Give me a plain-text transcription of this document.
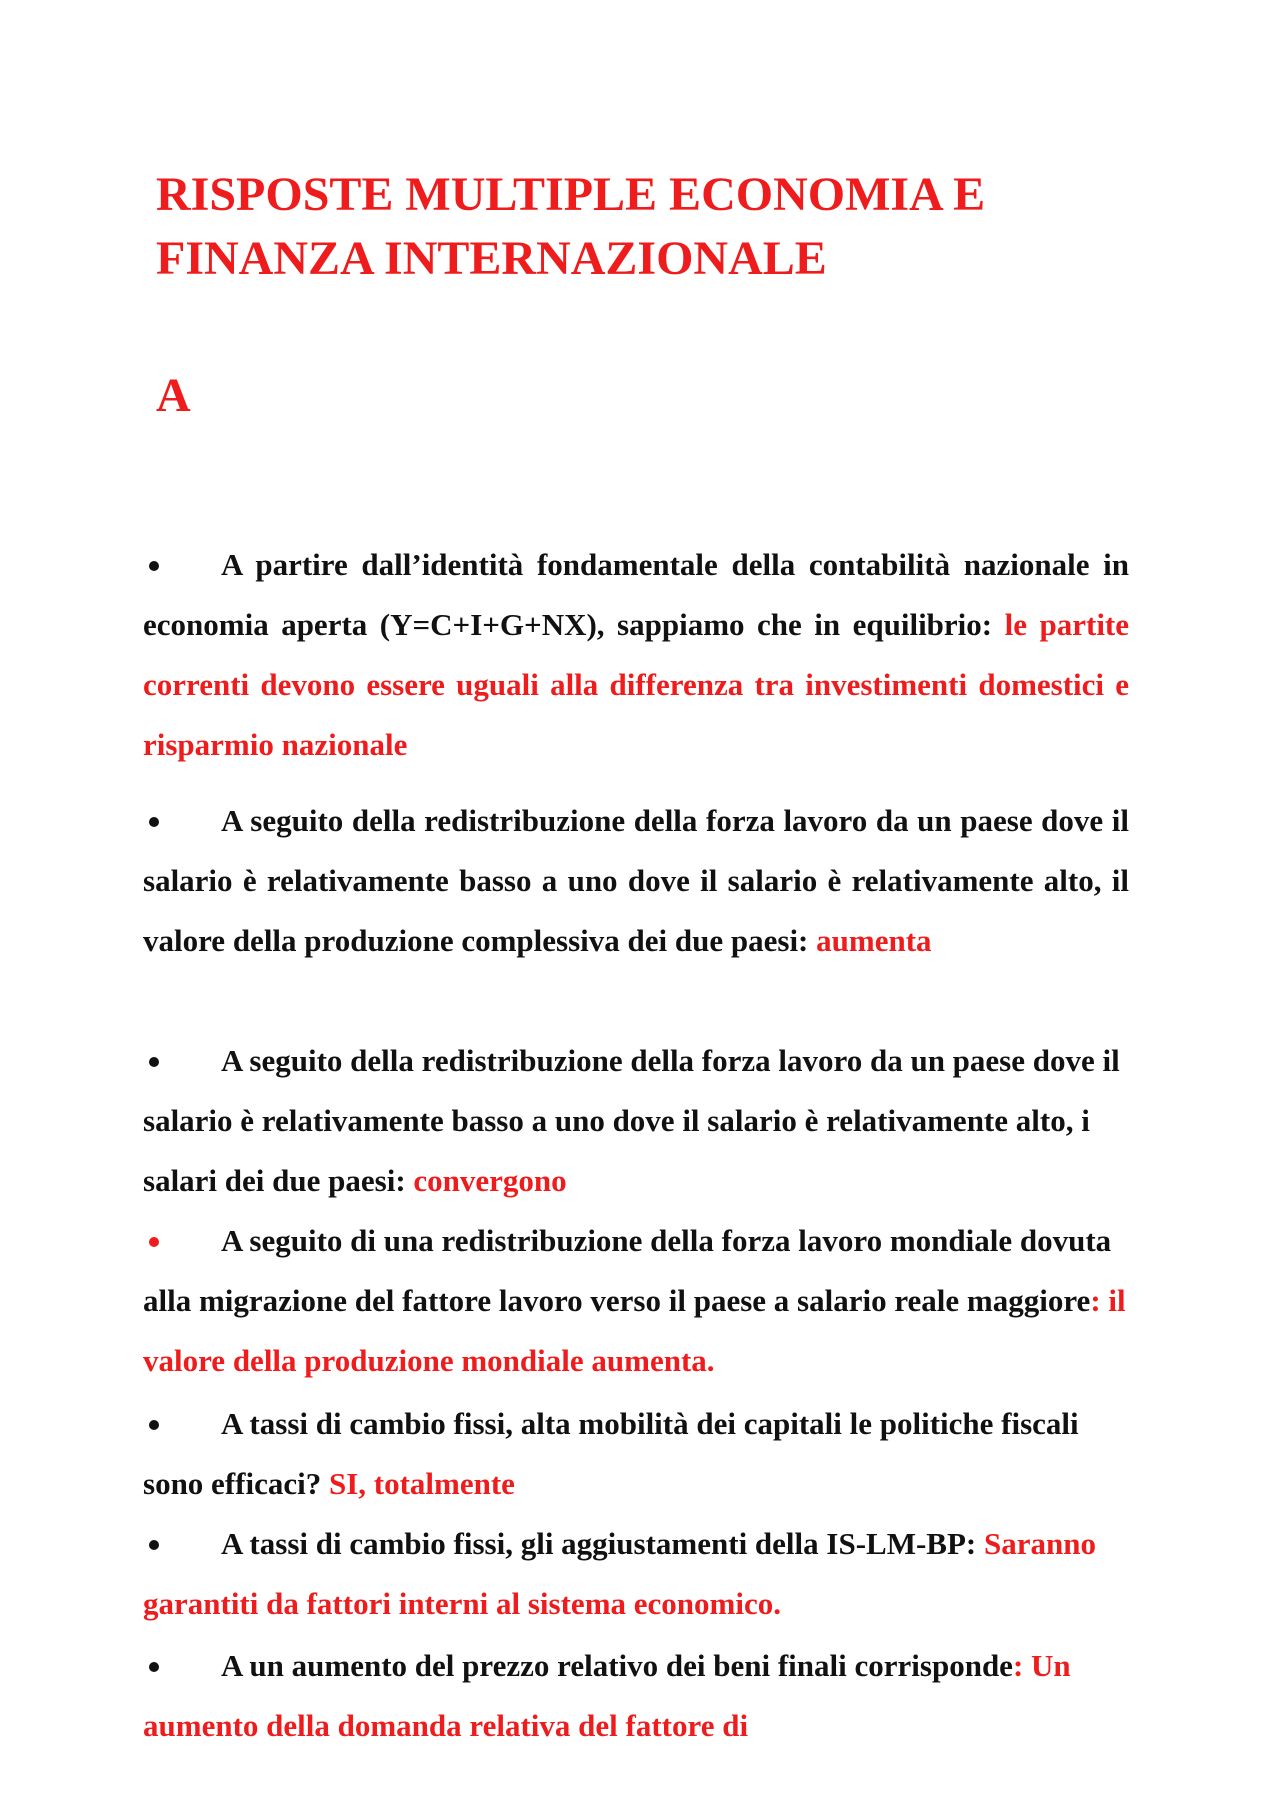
RISPOSTE MULTIPLE ECONOMIA E FINANZA INTERNAZIONALE
A
A partire dall’identità fondamentale della contabilità nazionale in economia aperta (Y=C+I+G+NX), sappiamo che in equilibrio: le partite correnti devono essere uguali alla differenza tra investimenti domestici e risparmio nazionale
A seguito della redistribuzione della forza lavoro da un paese dove il salario è relativamente basso a uno dove il salario è relativamente alto, il valore della produzione complessiva dei due paesi: aumenta
A seguito della redistribuzione della forza lavoro da un paese dove il salario è relativamente basso a uno dove il salario è relativamente alto, i salari dei due paesi: convergono
A seguito di una redistribuzione della forza lavoro mondiale dovuta alla migrazione del fattore lavoro verso il paese a salario reale maggiore: il valore della produzione mondiale aumenta.
A tassi di cambio fissi, alta mobilità dei capitali le politiche fiscali sono efficaci? SI, totalmente
A tassi di cambio fissi, gli aggiustamenti della IS-LM-BP: Saranno garantiti da fattori interni al sistema economico.
A un aumento del prezzo relativo dei beni finali corrisponde: Un aumento della domanda relativa del fattore di
